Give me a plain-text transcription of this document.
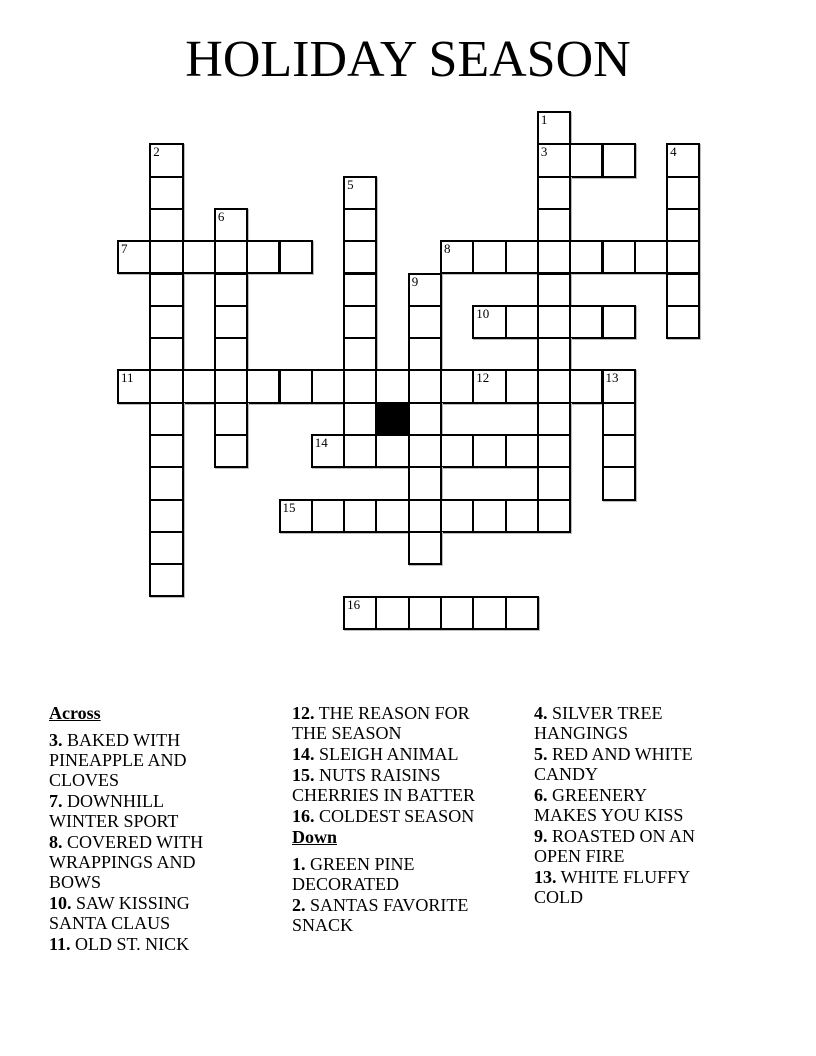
HOLIDAY SEASON
1
2	3	4
5
6
7	8
9
10
11	12	13
14
15
16
Across
3. BAKED WITH
PINEAPPLE AND
CLOVES
7. DOWNHILL
WINTER SPORT
8. COVERED WITH
WRAPPINGS AND
BOWS
10. SAW KISSING
SANTA CLAUS
11. OLD ST. NICK
12. THE REASON FOR
THE SEASON
14. SLEIGH ANIMAL
15. NUTS RAISINS
CHERRIES IN BATTER
16. COLDEST SEASON
Down
1. GREEN PINE
DECORATED
2. SANTAS FAVORITE
SNACK
4. SILVER TREE
HANGINGS
5. RED AND WHITE
CANDY
6. GREENERY
MAKES YOU KISS
9. ROASTED ON AN
OPEN FIRE
13. WHITE FLUFFY
COLD
